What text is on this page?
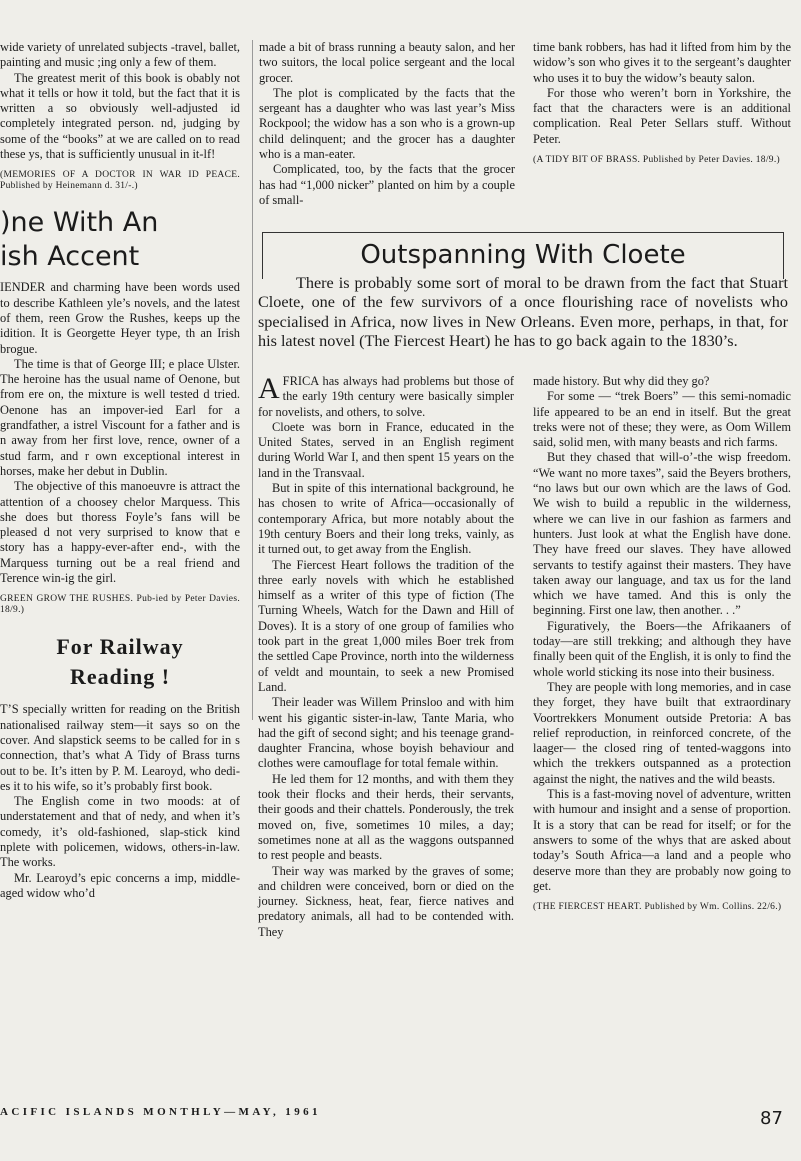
wide variety of unrelated subjects -travel, ballet, painting and music ;ing only a few of them.

The greatest merit of this book is obably not what it tells or how it told, but the fact that it is written a so obviously well-adjusted id completely integrated person. nd, judging by some of the “books” at we are called on to read these ys, that is sufficiently unusual in it-lf!

(MEMORIES OF A DOCTOR IN WAR ID PEACE. Published by Heinemann d. 31/-.)

)ne With An
ish Accent

IENDER and charming have been words used to describe Kathleen yle’s novels, and the latest of them, reen Grow the Rushes, keeps up the idition. It is Georgette Heyer type, th an Irish brogue.

The time is that of George III; e place Ulster. The heroine has the usual name of Oenone, but from ere on, the mixture is well tested d tried. Oenone has an impover-ied Earl for a grandfather, a istrel Viscount for a father and is n away from her first love, rence, owner of a stud farm, and r own exceptional interest in horses, make her debut in Dublin.

The objective of this manoeuvre is attract the attention of a choosey chelor Marquess. This she does but thoress Foyle’s fans will be pleased d not very surprised to know that e story has a happy-ever-after end-, with the Marquess turning out be a real friend and Terence win-ig the girl.

GREEN GROW THE RUSHES. Pub-ied by Peter Davies. 18/9.)

For Railway
Reading !

T’S specially written for reading on the British nationalised railway stem—it says so on the cover. And slapstick seems to be called for in s connection, that’s what A Tidy of Brass turns out to be. It’s itten by P. M. Learoyd, who dedi-es it to his wife, so it’s probably first book.

The English come in two moods: at of understatement and that of nedy, and when it’s comedy, it’s old-fashioned, slap-stick kind nplete with policemen, widows, others-in-law. The works.

Mr. Learoyd’s epic concerns a imp, middle-aged widow who’d

made a bit of brass running a beauty salon, and her two suitors, the local police sergeant and the local grocer.

The plot is complicated by the facts that the sergeant has a daughter who was last year’s Miss Rockpool; the widow has a son who is a grown-up child delinquent; and the grocer has a daughter who is a man-eater.

Complicated, too, by the facts that the grocer has had “1,000 nicker” planted on him by a couple of small-

time bank robbers, has had it lifted from him by the widow’s son who gives it to the sergeant’s daughter who uses it to buy the widow’s beauty salon.

For those who weren’t born in Yorkshire, the fact that the characters were is an additional complication. Real Peter Sellars stuff. Without Peter.

(A TIDY BIT OF BRASS. Published by Peter Davies. 18/9.)

Outspanning With Cloete
There is probably some sort of moral to be drawn from the fact that Stuart Cloete, one of the few survivors of a once flourishing race of novelists who specialised in Africa, now lives in New Orleans. Even more, perhaps, in that, for his latest novel (The Fiercest Heart) he has to go back again to the 1830’s.

AFRICA has always had problems but those of the early 19th century were basically simpler for novelists, and others, to solve.

Cloete was born in France, educated in the United States, served in an English regiment during World War I, and then spent 15 years on the land in the Transvaal.

But in spite of this international background, he has chosen to write of Africa—occasionally of contemporary Africa, but more notably about the 19th century Boers and their long treks, vainly, as it turned out, to get away from the English.

The Fiercest Heart follows the tradition of the three early novels with which he established himself as a writer of this type of fiction (The Turning Wheels, Watch for the Dawn and Hill of Doves). It is a story of one group of families who took part in the great 1,000 miles Boer trek from the settled Cape Province, north into the wilderness of veldt and mountain, to seek a new Promised Land.

Their leader was Willem Prinsloo and with him went his gigantic sister-in-law, Tante Maria, who had the gift of second sight; and his teenage grand-daughter Francina, whose boyish behaviour and clothes were camouflage for total female within.

He led them for 12 months, and with them they took their flocks and their herds, their servants, their goods and their chattels. Ponderously, the trek moved on, five, sometimes 10 miles, a day; sometimes none at all as the waggons outspanned to rest people and beasts.

Their way was marked by the graves of some; and children were conceived, born or died on the journey. Sickness, heat, fear, fierce natives and predatory animals, all had to be contended with. They

made history. But why did they go?

For some — “trek Boers” — this semi-nomadic life appeared to be an end in itself. But the great treks were not of these; they were, as Oom Willem said, solid men, with many beasts and rich farms.

But they chased that will-o’-the wisp freedom. “We want no more taxes”, said the Beyers brothers, “no laws but our own which are the laws of God. We wish to build a republic in the wilderness, where we can live in our fashion as farmers and hunters. Just look at what the English have done. They have freed our slaves. They have allowed servants to testify against their masters. They have taken away our language, and tax us for the land which we have tamed. And this is only the beginning. First one law, then another. . .”

Figuratively, the Boers—the Afrikaaners of today—are still trekking; and although they have finally been quit of the English, it is only to find the whole world sticking its nose into their business.

They are people with long memories, and in case they forget, they have built that extraordinary Voortrekkers Monument outside Pretoria: A bas relief reproduction, in reinforced concrete, of the laager— the closed ring of tented-waggons into which the trekkers outspanned as a protection against the night, the natives and the wild beasts.

This is a fast-moving novel of adventure, written with humour and insight and a sense of proportion. It is a story that can be read for itself; or for the answers to some of the whys that are asked about today’s South Africa—a land and a people who deserve more than they are probably now going to get.

(THE FIERCEST HEART. Published by Wm. Collins. 22/6.)

ACIFIC ISLANDS MONTHLY—MAY, 1961	87
